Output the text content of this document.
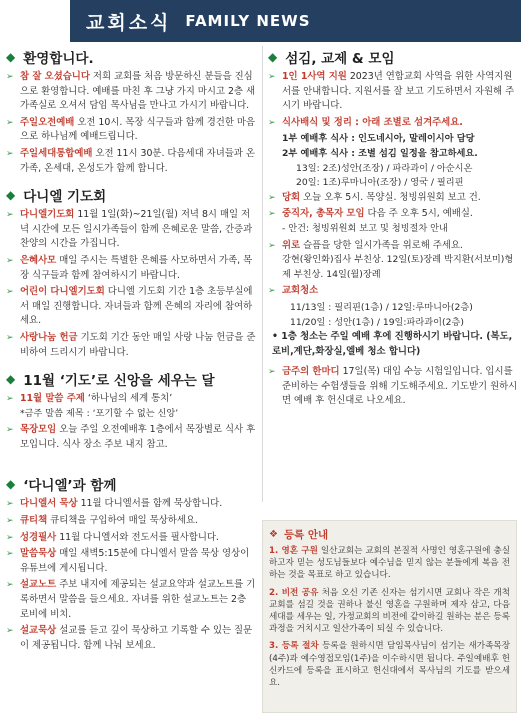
교회소식 FAMILY NEWS
◆ 환영합니다.
➢ 참 잘 오셨습니다 저희 교회를 처음 방문하신 분들을 진심으로 환영합니다. 예배를 마친 후 그냥 가지 마시고 2층 새가족실로 오셔서 담임 목사님을 만나고 가시기 바랍니다.
➢ 주일오전예배 오전 10시. 목장 식구들과 함께 경건한 마음으로 하나님께 예배드립니다.
➢ 주일세대통합예배 오전 11시 30분. 다음세대 자녀들과 온가족, 온세대, 온성도가 함께 합니다.
◆ 다니엘 기도회
➢ 다니엘기도회 11월 1일(화)~21일(월) 저녁 8시 매일 저녁 시간에 모든 일시가족들이 함께 은혜로운 말씀, 간증과 찬양의 시간을 가집니다.
➢ 은혜사모 매일 주시는 특별한 은혜를 사모하면서 가족, 목장 식구들과 함께 참여하시기 바랍니다.
➢ 어린이 다니엘기도회 다니엘 기도회 기간 1층 초등부실에서 매일 진행합니다. 자녀들과 함께 은혜의 자리에 참여하세요.
➢ 사랑나눔 헌금 기도회 기간 동안 매일 사랑 나눔 헌금을 준비하여 드리시기 바랍니다.
◆ 11월 ‘기도’로 신앙을 세우는 달
➢ 11월 말씀 주제 ‘하나님의 세계 통치’
*금주 말씀 제목 : ‘포기할 수 없는 신앙’
➢ 목장모임 오늘 주일 오전예배후 1층에서 목장별로 식사 후 모입니다. 식사 장소 주보 내지 참고.
◆ ‘다니엘’과 함께
➢ 다니엘서 묵상 11월 다니엘서를 함께 묵상합니다.
➢ 큐티책 큐티책을 구입하여 매일 묵상하세요.
➢ 성경필사 11월 다니엘서와 전도서를 필사합니다.
➢ 말씀묵상 매일 새벽5:15분에 다니엘서 말씀 묵상 영상이 유튜브에 게시됩니다.
➢ 설교노트 주보 내지에 제공되는 설교요약과 설교노트를 기록하면서 말씀을 들으세요. 자녀를 위한 설교노트는 2층 로비에 비치.
➢ 설교묵상 설교를 듣고 깊이 묵상하고 기록할 수 있는 질문이 제공됩니다. 함께 나눠 보세요.
◆ 섬김, 교제 & 모임
➢ 1인 1사역 지원 2023년 연합교회 사역을 위한 사역지원서를 안내합니다. 지원서를 잘 보고 기도하면서 자원해 주시기 바랍니다.
➢ 식사배식 및 정리 : 아래 조별로 섬겨주세요.
1부 예배후 식사 : 인도네시아, 말레이시아 담당
2부 예배후 식사 : 조별 섬김 일정을 참고하세요.
13일: 2조)성안(조장) / 파라과이 / 아순시온
20일: 1조)루마니아(조장) / 영국 / 필리핀
➢ 당회 오늘 오후 5시. 목양실. 청빙위원회 보고 건.
➢ 중직자, 총목자 모임 다음 주 오후 5시, 예배실.
- 안건: 청빙위원회 보고 및 청빙절차 안내
➢ 위로 슬픔을 당한 일시가족을 위로해 주세요.
강현(왕인화)집사 부친상. 12일(토)장례 박지환(서보미)형제 부친상. 14일(월)장례
➢ 교회청소
11/13일 : 필리핀(1층) / 12일:루마니아(2층)
11/20일 : 성안(1층) / 19일:파라과이(2층)
• 1층 청소는 주일 예배 후에 진행하시기 바랍니다. (복도,로비,계단,화장실,엘베 청소 합니다)
➢ 금주의 한마디 17일(목) 대입 수능 시험일입니다. 입시를 준비하는 수험생들을 위해 기도해주세요. 기도받기 원하시면 예배 후 헌신대로 나오세요.
❖ 등록 안내
1. 영혼 구원 일산교회는 교회의 본질적 사명인 영혼구원에 충실하고자 믿는 성도님들보다 예수님을 믿지 않는 분들에게 복음 전하는 것을 목표로 하고 있습니다.
2. 비전 공유 처음 오신 기존 신자는 섬기시면 교회나 작은 개척교회를 섬길 것을 권하나 불신 영혼을 구원하며 제자 삼고, 다음 세대를 세우는 일, 가정교회의 비전에 같이하길 원하는 분은 등록 과정을 거치시고 일산가족이 되실 수 있습니다.
3. 등록 절차 등록을 원하시면 담임목사님이 섬기는 새가족목장(4주)과 예수영접모임(1주)을 이수하시면 됩니다. 주일예배후 헌신카드에 등록을 표시하고 헌신대에서 목사님의 기도를 받으세요.
